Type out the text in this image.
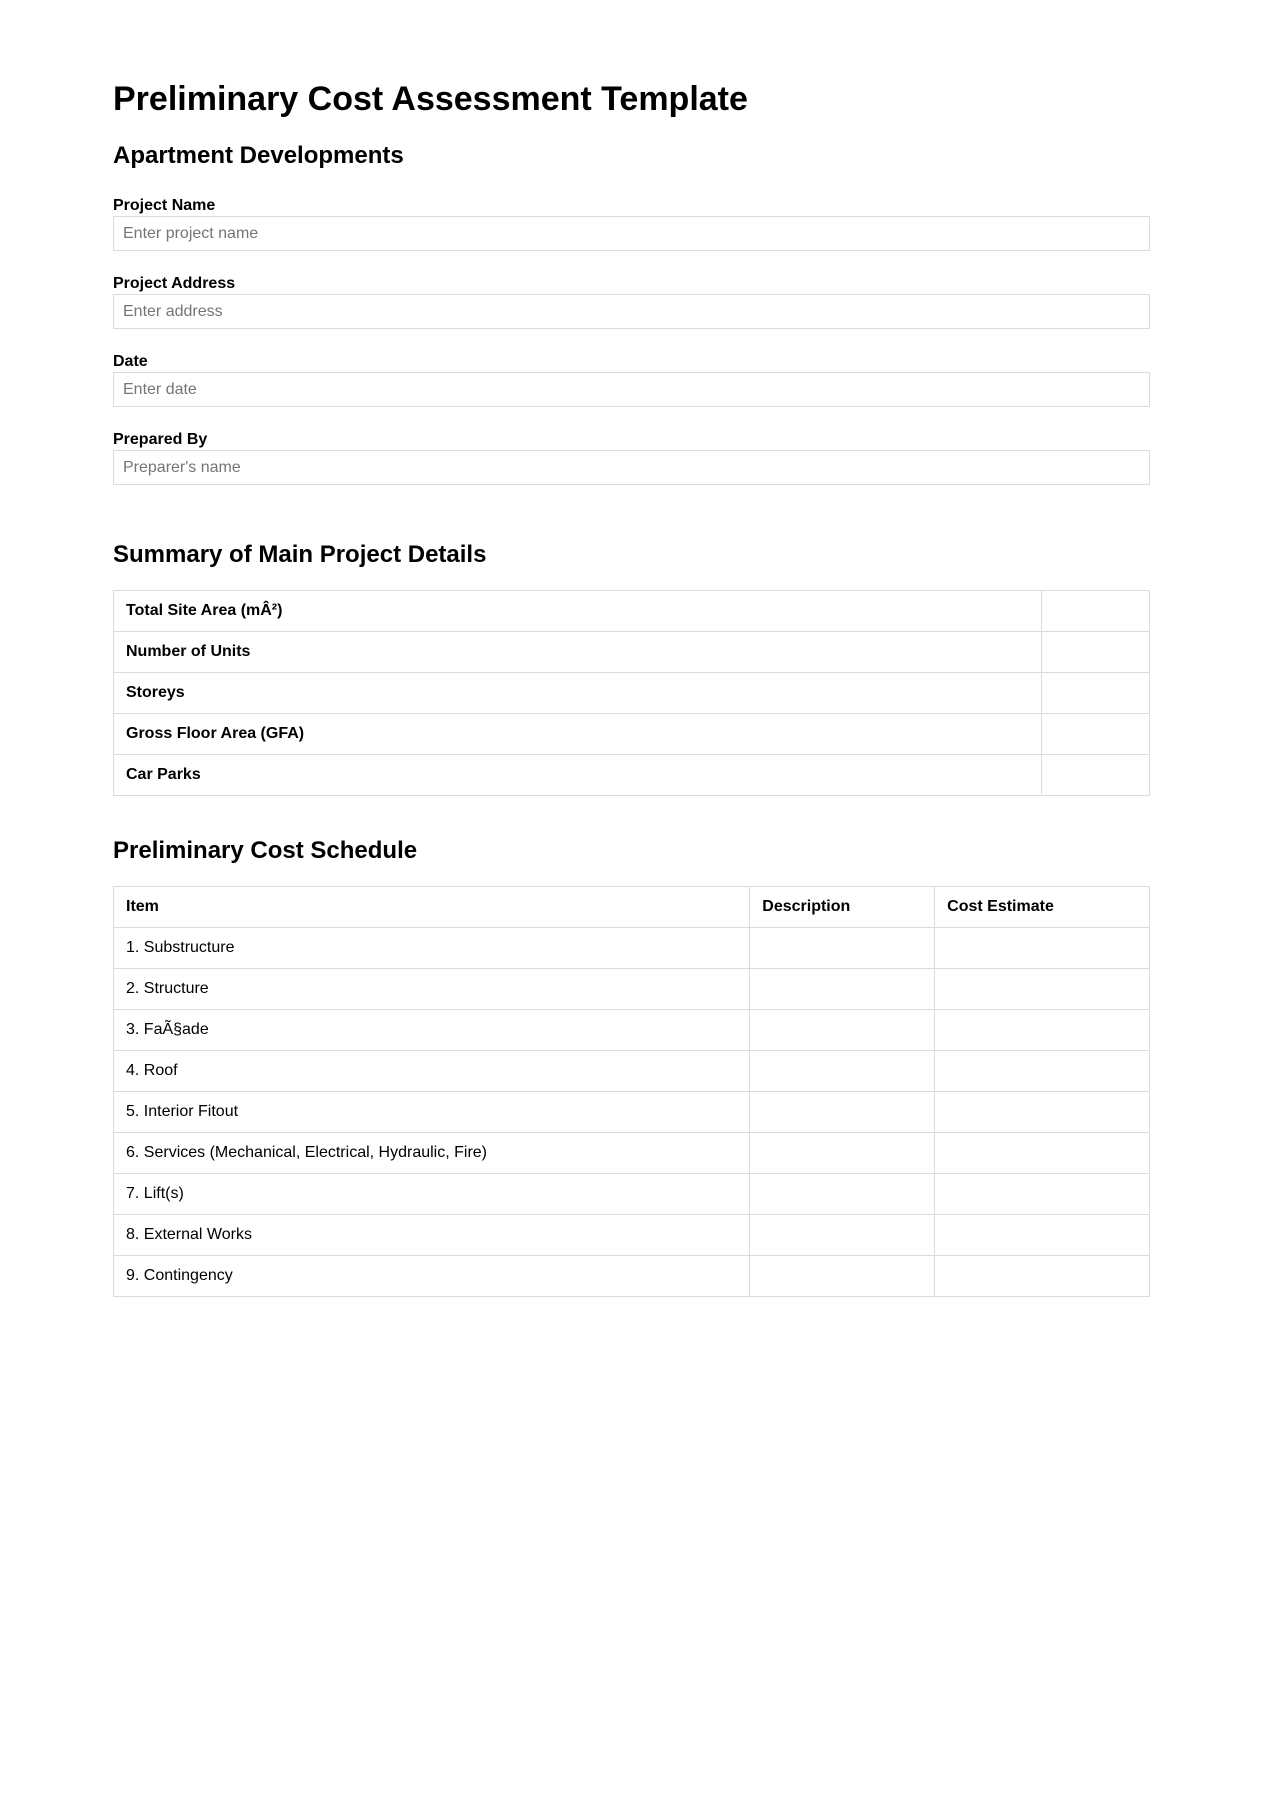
Preliminary Cost Assessment Template
Apartment Developments
Project Name
Enter project name
Project Address
Enter address
Date
Enter date
Prepared By
Preparer's name
Summary of Main Project Details
Total Site Area (mÂ²)	
Number of Units	
Storeys	
Gross Floor Area (GFA)	
Car Parks	
Preliminary Cost Schedule
Item	Description	Cost Estimate
1. Substructure		
2. Structure		
3. FaÃ§ade		
4. Roof		
5. Interior Fitout		
6. Services (Mechanical, Electrical, Hydraulic, Fire)		
7. Lift(s)		
8. External Works		
9. Contingency		
